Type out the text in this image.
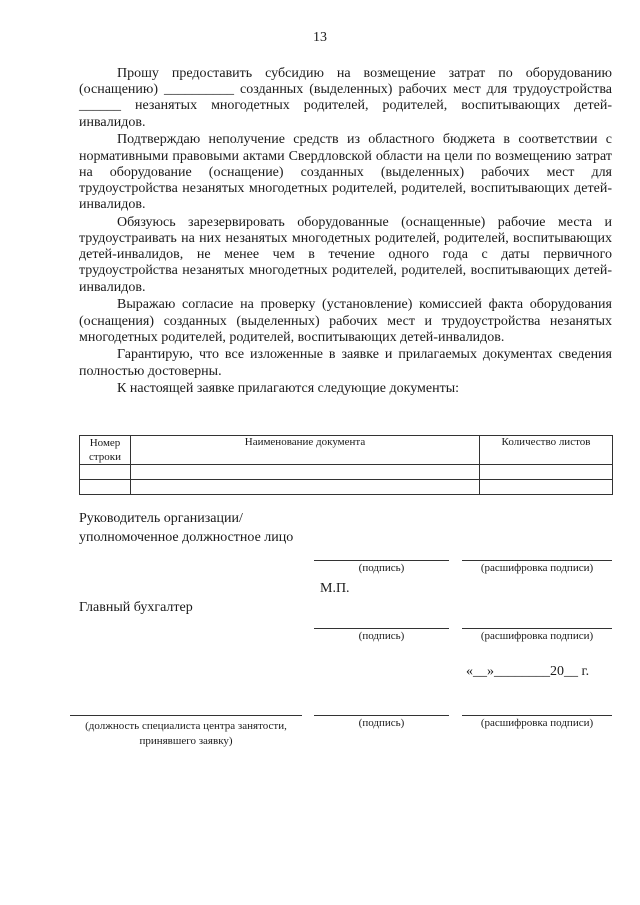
13

Прошу предоставить субсидию на возмещение затрат по оборудованию (оснащению) __________ созданных (выделенных) рабочих мест для трудоустройства ______ незанятых многодетных родителей, родителей, воспитывающих детей-инвалидов.

Подтверждаю неполучение средств из областного бюджета в соответствии с нормативными правовыми актами Свердловской области на цели по возмещению затрат на оборудование (оснащение) созданных (выделенных) рабочих мест для трудоустройства незанятых многодетных родителей, родителей, воспитывающих детей-инвалидов.

Обязуюсь зарезервировать оборудованные (оснащенные) рабочие места и трудоустраивать на них незанятых многодетных родителей, родителей, воспитывающих детей-инвалидов, не менее чем в течение одного года с даты первичного трудоустройства незанятых многодетных родителей, родителей, воспитывающих детей-инвалидов.

Выражаю согласие на проверку (установление) комиссией факта оборудования (оснащения) созданных (выделенных) рабочих мест и трудоустройства незанятых многодетных родителей, родителей, воспитывающих детей-инвалидов.

Гарантирую, что все изложенные в заявке и прилагаемых документах сведения полностью достоверны.

К настоящей заявке прилагаются следующие документы:

Номер строки	Наименование документа	Количество листов

Руководитель организации/ уполномоченное должностное лицо
(подпись)	(расшифровка подписи)
М.П.
Главный бухгалтер
(подпись)	(расшифровка подписи)
«__»________20__ г.
(должность специалиста центра занятости, принявшего заявку)
(подпись)	(расшифровка подписи)
